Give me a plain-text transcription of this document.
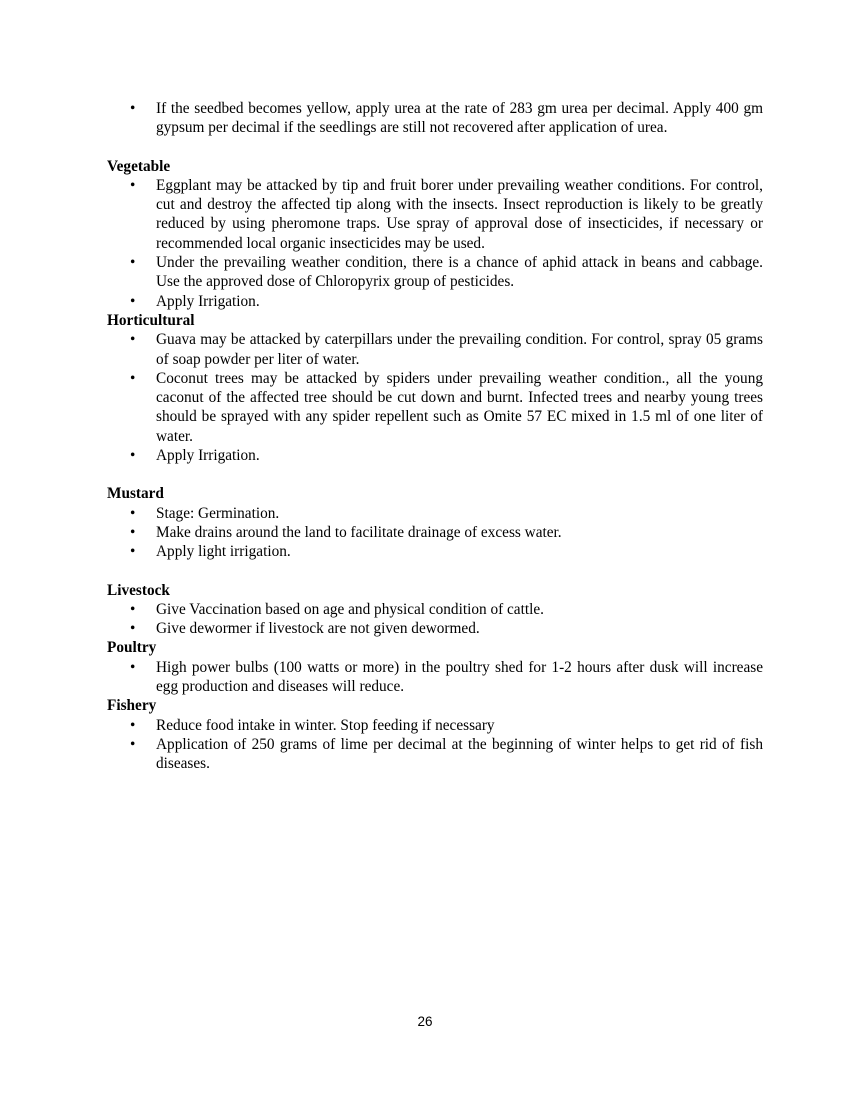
• If the seedbed becomes yellow, apply urea at the rate of 283 gm urea per decimal. Apply 400 gm gypsum per decimal if the seedlings are still not recovered after application of urea.
Vegetable
• Eggplant may be attacked by tip and fruit borer under prevailing weather conditions. For control, cut and destroy the affected tip along with the insects. Insect reproduction is likely to be greatly reduced by using pheromone traps. Use spray of approval dose of insecticides, if necessary or recommended local organic insecticides may be used.
• Under the prevailing weather condition, there is a chance of aphid attack in beans and cabbage. Use the approved dose of Chloropyrix group of pesticides.
• Apply Irrigation.
Horticultural
• Guava may be attacked by caterpillars under the prevailing condition. For control, spray 05 grams of soap powder per liter of water.
• Coconut trees may be attacked by spiders under prevailing weather condition., all the young caconut of the affected tree should be cut down and burnt. Infected trees and nearby young trees should be sprayed with any spider repellent such as Omite 57 EC mixed in 1.5 ml of one liter of water.
• Apply Irrigation.
Mustard
• Stage: Germination.
• Make drains around the land to facilitate drainage of excess water.
• Apply light irrigation.
Livestock
• Give Vaccination based on age and physical condition of cattle.
• Give dewormer if livestock are not given dewormed.
Poultry
• High power bulbs (100 watts or more) in the poultry shed for 1-2 hours after dusk will increase egg production and diseases will reduce.
Fishery
• Reduce food intake in winter. Stop feeding if necessary
• Application of 250 grams of lime per decimal at the beginning of winter helps to get rid of fish diseases.
26
